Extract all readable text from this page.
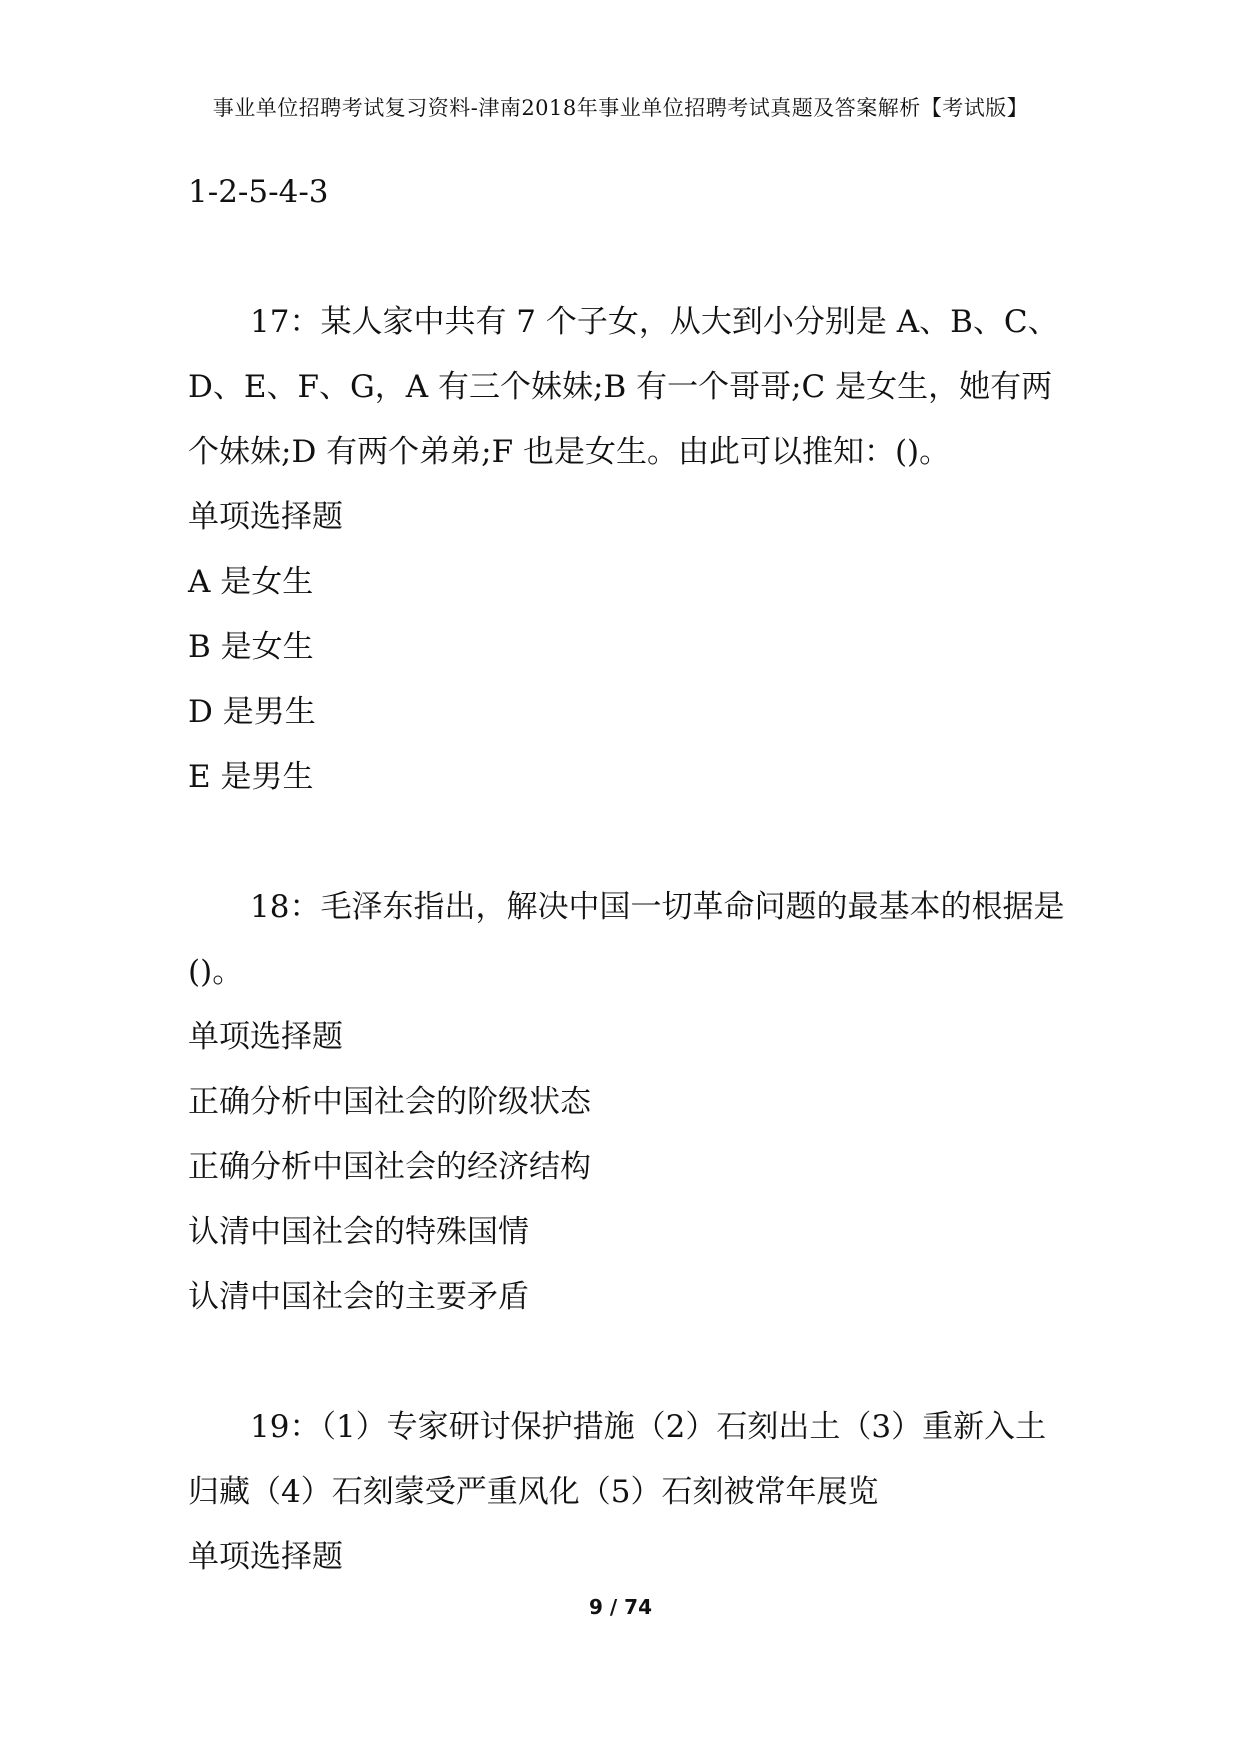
事业单位招聘考试复习资料-津南2018年事业单位招聘考试真题及答案解析【考试版】
1-2-5-4-3
17：某人家中共有 7 个子女，从大到小分别是 A、B、C、D、E、F、G，A 有三个妹妹;B 有一个哥哥;C 是女生，她有两个妹妹;D 有两个弟弟;F 也是女生。由此可以推知：()。
单项选择题
A 是女生
B 是女生
D 是男生
E 是男生
18：毛泽东指出，解决中国一切革命问题的最基本的根据是 ()。
单项选择题
正确分析中国社会的阶级状态
正确分析中国社会的经济结构
认清中国社会的特殊国情
认清中国社会的主要矛盾
19：（1）专家研讨保护措施（2）石刻出土（3）重新入土归藏（4）石刻蒙受严重风化（5）石刻被常年展览
单项选择题
9 / 74
